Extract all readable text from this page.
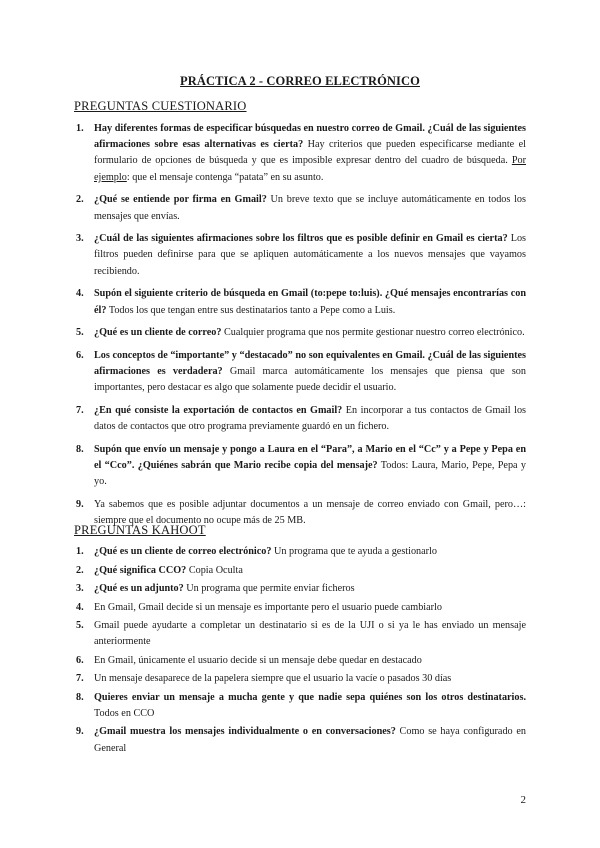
PRÁCTICA 2 - CORREO ELECTRÓNICO
PREGUNTAS CUESTIONARIO
1. Hay diferentes formas de especificar búsquedas en nuestro correo de Gmail. ¿Cuál de las siguientes afirmaciones sobre esas alternativas es cierta? Hay criterios que pueden especificarse mediante el formulario de opciones de búsqueda y que es imposible expresar dentro del cuadro de búsqueda. Por ejemplo: que el mensaje contenga “patata” en su asunto.
2. ¿Qué se entiende por firma en Gmail? Un breve texto que se incluye automáticamente en todos los mensajes que envías.
3. ¿Cuál de las siguientes afirmaciones sobre los filtros que es posible definir en Gmail es cierta? Los filtros pueden definirse para que se apliquen automáticamente a los nuevos mensajes que vayamos recibiendo.
4. Supón el siguiente criterio de búsqueda en Gmail (to:pepe to:luis). ¿Qué mensajes encontrarías con él? Todos los que tengan entre sus destinatarios tanto a Pepe como a Luis.
5. ¿Qué es un cliente de correo? Cualquier programa que nos permite gestionar nuestro correo electrónico.
6. Los conceptos de “importante” y “destacado” no son equivalentes en Gmail. ¿Cuál de las siguientes afirmaciones es verdadera? Gmail marca automáticamente los mensajes que piensa que son importantes, pero destacar es algo que solamente puede decidir el usuario.
7. ¿En qué consiste la exportación de contactos en Gmail? En incorporar a tus contactos de Gmail los datos de contactos que otro programa previamente guardó en un fichero.
8. Supón que envío un mensaje y pongo a Laura en el “Para”, a Mario en el “Cc” y a Pepe y Pepa en el “Cco”. ¿Quiénes sabrán que Mario recibe copia del mensaje? Todos: Laura, Mario, Pepe, Pepa y yo.
9. Ya sabemos que es posible adjuntar documentos a un mensaje de correo enviado con Gmail, pero…: siempre que el documento no ocupe más de 25 MB.
PREGUNTAS KAHOOT
1. ¿Qué es un cliente de correo electrónico? Un programa que te ayuda a gestionarlo
2. ¿Qué significa CCO? Copia Oculta
3. ¿Qué es un adjunto? Un programa que permite enviar ficheros
4. En Gmail, Gmail decide si un mensaje es importante pero el usuario puede cambiarlo
5. Gmail puede ayudarte a completar un destinatario si es de la UJI o si ya le has enviado un mensaje anteriormente
6. En Gmail, únicamente el usuario decide si un mensaje debe quedar en destacado
7. Un mensaje desaparece de la papelera siempre que el usuario la vacíe o pasados 30 días
8. Quieres enviar un mensaje a mucha gente y que nadie sepa quiénes son los otros destinatarios. Todos en CCO
9. ¿Gmail muestra los mensajes individualmente o en conversaciones? Como se haya configurado en General
2
